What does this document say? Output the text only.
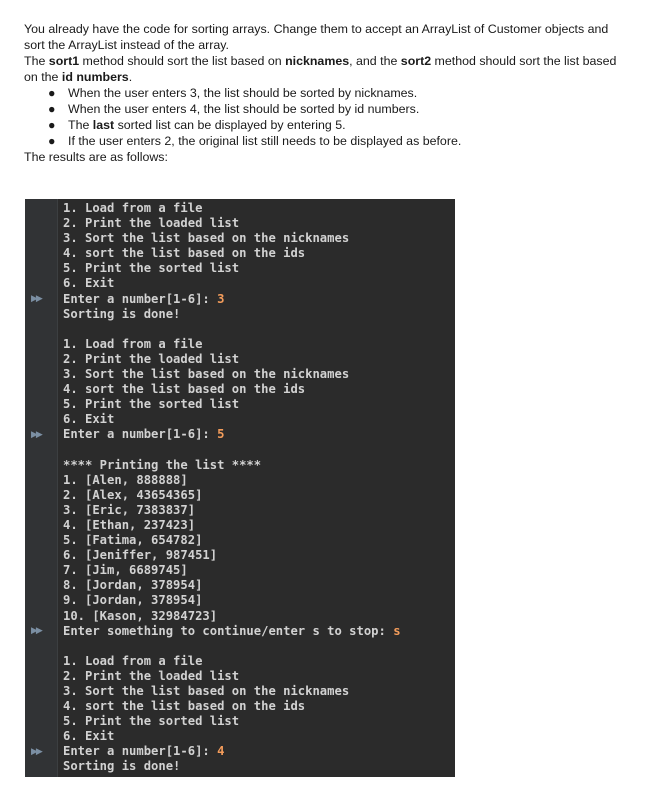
You already have the code for sorting arrays. Change them to accept an ArrayList of Customer objects and
sort the ArrayList instead of the array.

The sort1 method should sort the list based on nicknames, and the sort2 method should sort the list based
on the id numbers.

● When the user enters 3, the list should be sorted by nicknames.
● When the user enters 4, the list should be sorted by id numbers.
● The last sorted list can be displayed by entering 5.
● If the user enters 2, the original list still needs to be displayed as before.

The results are as follows:

1. Load from a file
2. Print the loaded list
3. Sort the list based on the nicknames
4. sort the list based on the ids
5. Print the sorted list
6. Exit
Enter a number[1-6]: 3
Sorting is done!
1. Load from a file
2. Print the loaded list
3. Sort the list based on the nicknames
4. sort the list based on the ids
5. Print the sorted list
6. Exit
Enter a number[1-6]: 5
**** Printing the list ****
1. [Alen, 888888]
2. [Alex, 43654365]
3. [Eric, 7383837]
4. [Ethan, 237423]
5. [Fatima, 654782]
6. [Jeniffer, 987451]
7. [Jim, 6689745]
8. [Jordan, 378954]
9. [Jordan, 378954]
10. [Kason, 32984723]
Enter something to continue/enter s to stop: s
1. Load from a file
2. Print the loaded list
3. Sort the list based on the nicknames
4. sort the list based on the ids
5. Print the sorted list
6. Exit
Enter a number[1-6]: 4
Sorting is done!
▶▶
▶▶
▶▶
▶▶
